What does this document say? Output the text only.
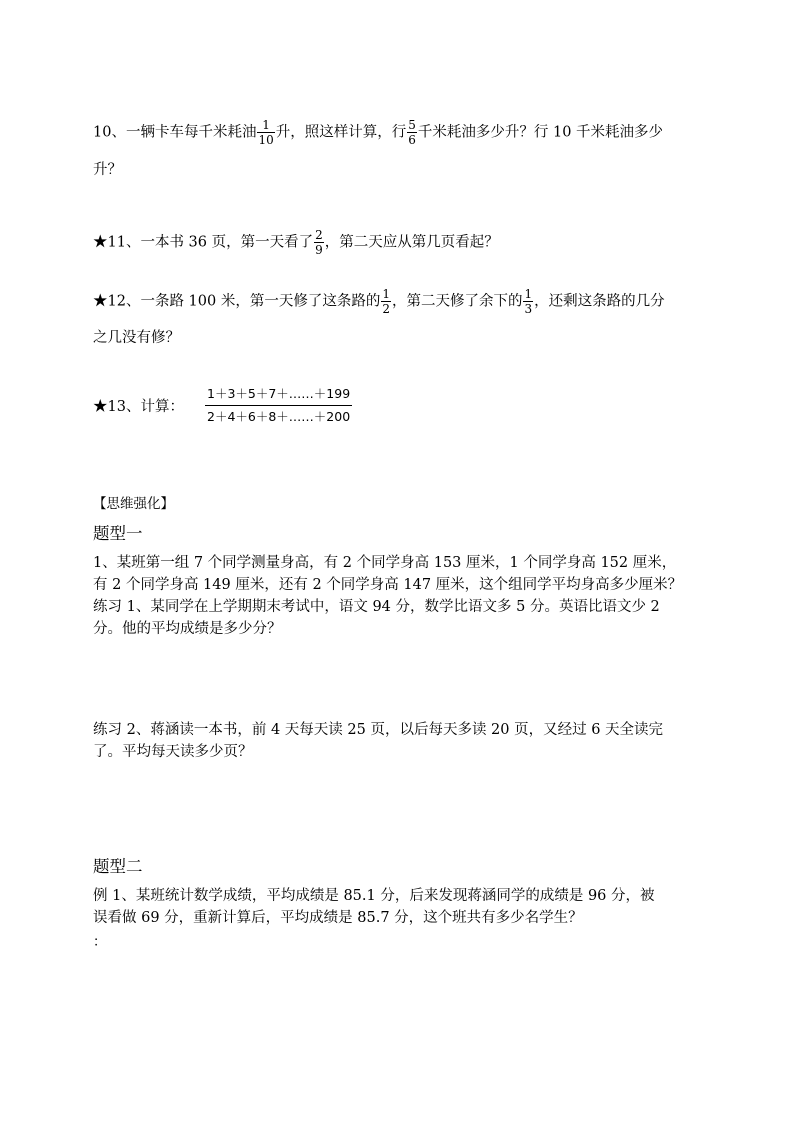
10、一辆卡车每千米耗油 $\frac{1}{10}$ 升，照这样计算，行 $\frac{5}{6}$ 千米耗油多少升？行 10 千米耗油多少
升？
★11、一本书 36 页，第一天看了 $\frac{2}{9}$ ，第二天应从第几页看起？
★12、一条路 100 米，第一天修了这条路的 $\frac{1}{2}$ ，第二天修了余下的 $\frac{1}{3}$ ，还剩这条路的几分
之几没有修？
★13、计算： $\frac{1+3+5+7+\dots\dots+199}{2+4+6+8+\dots\dots+200}$
【思维强化】
题型一
1、某班第一组 7 个同学测量身高，有 2 个同学身高 153 厘米，1 个同学身高 152 厘米，
有 2 个同学身高 149 厘米，还有 2 个同学身高 147 厘米，这个组同学平均身高多少厘米？
练习 1、某同学在上学期期末考试中，语文 94 分，数学比语文多 5 分。英语比语文少 2
分。他的平均成绩是多少分？
练习 2、蒋涵读一本书，前 4 天每天读 25 页，以后每天多读 20 页，又经过 6 天全读完
了。平均每天读多少页？
题型二
例 1、某班统计数学成绩，平均成绩是 85.1 分，后来发现蒋涵同学的成绩是 96 分，被
误看做 69 分，重新计算后，平均成绩是 85.7 分，这个班共有多少名学生？
：
